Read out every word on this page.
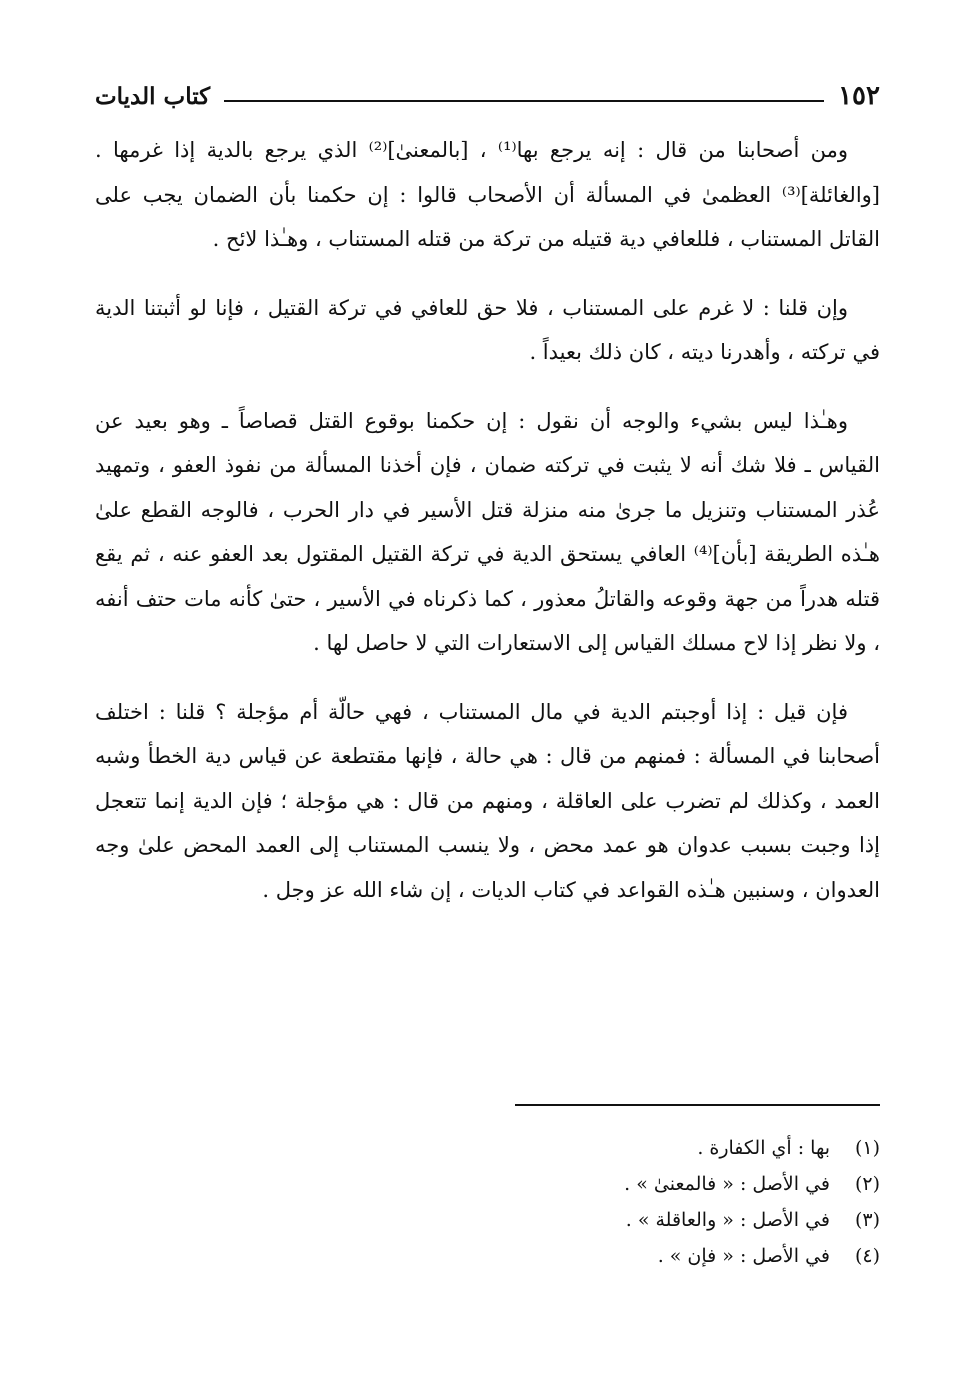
١٥٢
كتاب الديات

ومن أصحابنا من قال : إنه يرجع بها⁽¹⁾ ، [بالمعنىٰ]⁽²⁾ الذي يرجع بالدية إذا غرمها . [والغائلة]⁽³⁾ العظمىٰ في المسألة أن الأصحاب قالوا : إن حكمنا بأن الضمان يجب على القاتل المستناب ، فللعافي دية قتيله من تركة من قتله المستناب ، وهـٰذا لائح .

وإن قلنا : لا غرم على المستناب ، فلا حق للعافي في تركة القتيل ، فإنا لو أثبتنا الدية في تركته ، وأهدرنا ديته ، كان ذلك بعيداً .

وهـٰذا ليس بشيء والوجه أن نقول : إن حكمنا بوقوع القتل قصاصاً ـ وهو بعيد عن القياس ـ فلا شك أنه لا يثبت في تركته ضمان ، فإن أخذنا المسألة من نفوذ العفو ، وتمهيد عُذر المستناب وتنزيل ما جرىٰ منه منزلة قتل الأسير في دار الحرب ، فالوجه القطع علىٰ هـٰذه الطريقة [بأن]⁽⁴⁾ العافي يستحق الدية في تركة القتيل المقتول بعد العفو عنه ، ثم يقع قتله هدراً من جهة وقوعه والقاتلُ معذور ، كما ذكرناه في الأسير ، حتىٰ كأنه مات حتف أنفه ، ولا نظر إذا لاح مسلك القياس إلى الاستعارات التي لا حاصل لها .

فإن قيل : إذا أوجبتم الدية في مال المستناب ، فهي حالّة أم مؤجلة ؟ قلنا : اختلف أصحابنا في المسألة : فمنهم من قال : هي حالة ، فإنها مقتطعة عن قياس دية الخطأ وشبه العمد ، وكذلك لم تضرب على العاقلة ، ومنهم من قال : هي مؤجلة ؛ فإن الدية إنما تتعجل إذا وجبت بسبب عدوان هو عمد محض ، ولا ينسب المستناب إلى العمد المحض علىٰ وجه العدوان ، وسنبين هـٰذه القواعد في كتاب الديات ، إن شاء الله عز وجل .

(١)
بها : أي الكفارة .
(٢)
في الأصل : « فالمعنىٰ » .
(٣)
في الأصل : « والعاقلة » .
(٤)
في الأصل : « فإن » .
